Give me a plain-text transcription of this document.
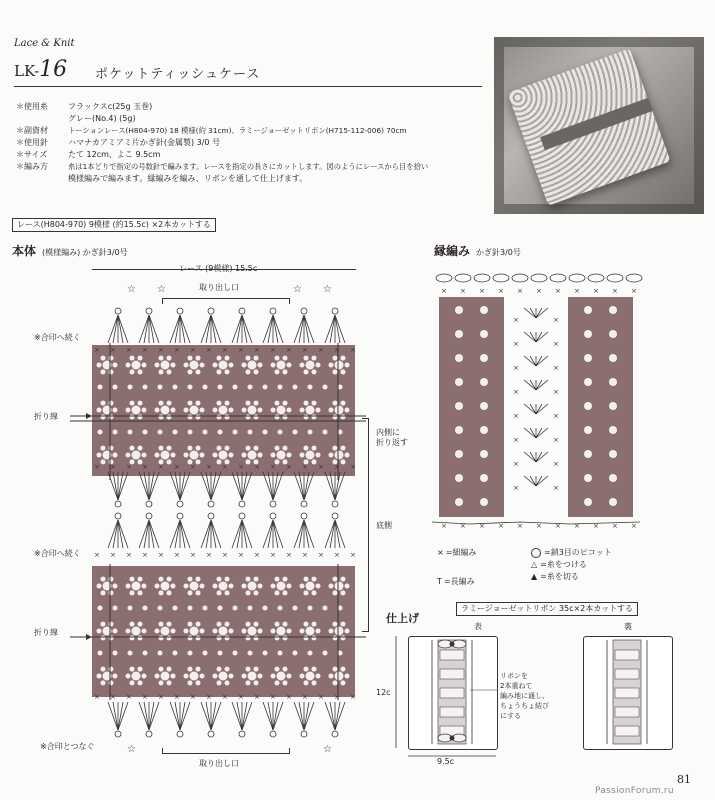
Lace & Knit
LK- 16 ポケットティッシュケース
＊使用糸	フラックスc(25g 玉巻)
グレー(No.4) (5g)
＊副資材	トーションレース(H804-970) 18 模様(約 31cm)、ラミージョーゼットリボン(H715-112-006) 70cm
＊使用針	ハマナカアミアミ片かぎ針(金属製) 3/0 号
＊サイズ	たて 12cm、よこ 9.5cm
＊編み方	糸は1本どりで指定の号数針で編みます。レースを指定の長さにカットします。図のようにレースから目を拾い
模様編みで編みます。縁編みを編み、リボンを通して仕上げます。
レース(H804-970) 9模様 (約15.5c) ×2本カットする
本体 (模様編み) かぎ針3/0号
レース (9模様) 15.5c
取り出し口
取り出し口
※合印へ続く
※合印へ続く
※合印とつなぐ
折り線
折り線
内側に
折り返す
底側
縁編み かぎ針3/0号
× =細編み
T =長編み
=鎖3目のピコット
△ =糸をつける
▲ =糸を切る
ラミージョーゼットリボン 35c×2本カットする
仕上げ
表	裏
12c
9.5c
リボンを
2本重ねて
編み地に通し、
ちょうちょ結び
にする
81
PassionForum.ru
× × × × × × × × × × × × × × × × ×
× × × × × × × × × × × × × × × × ×
× × × × × × × × × × × × × × × × ×
× × × × × × × × × × × × × × × × ×
☆ ☆	☆ ☆
☆	☆
×	×
×	×
×	×
×	×
×	×
×	×
×	×
×	×
×
×
×
×
×
×
×
×
×
×
×
×
×
×
×
×
×
×
×
×
×
×
